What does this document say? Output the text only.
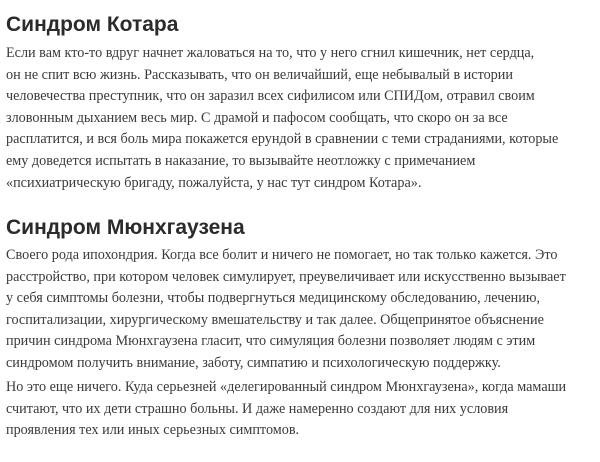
Синдром Котара

Если вам кто-то вдруг начнет жаловаться на то, что у него сгнил кишечник, нет сердца,
он не спит всю жизнь. Рассказывать, что он величайший, еще небывалый в истории
человечества преступник, что он заразил всех сифилисом или СПИДом, отравил своим
зловонным дыханием весь мир. С драмой и пафосом сообщать, что скоро он за все
расплатится, и вся боль мира покажется ерундой в сравнении с теми страданиями, которые
ему доведется испытать в наказание, то вызывайте неотложку с примечанием
«психиатрическую бригаду, пожалуйста, у нас тут синдром Котара».

Синдром Мюнхгаузена

Своего рода ипохондрия. Когда все болит и ничего не помогает, но так только кажется. Это
расстройство, при котором человек симулирует, преувеличивает или искусственно вызывает
у себя симптомы болезни, чтобы подвергнуться медицинскому обследованию, лечению,
госпитализации, хирургическому вмешательству и так далее. Общепринятое объяснение
причин синдрома Мюнхгаузена гласит, что симуляция болезни позволяет людям с этим
синдромом получить внимание, заботу, симпатию и психологическую поддержку.

Но это еще ничего. Куда серьезней «делегированный синдром Мюнхгаузена», когда мамаши
считают, что их дети страшно больны. И даже намеренно создают для них условия
проявления тех или иных серьезных симптомов.
